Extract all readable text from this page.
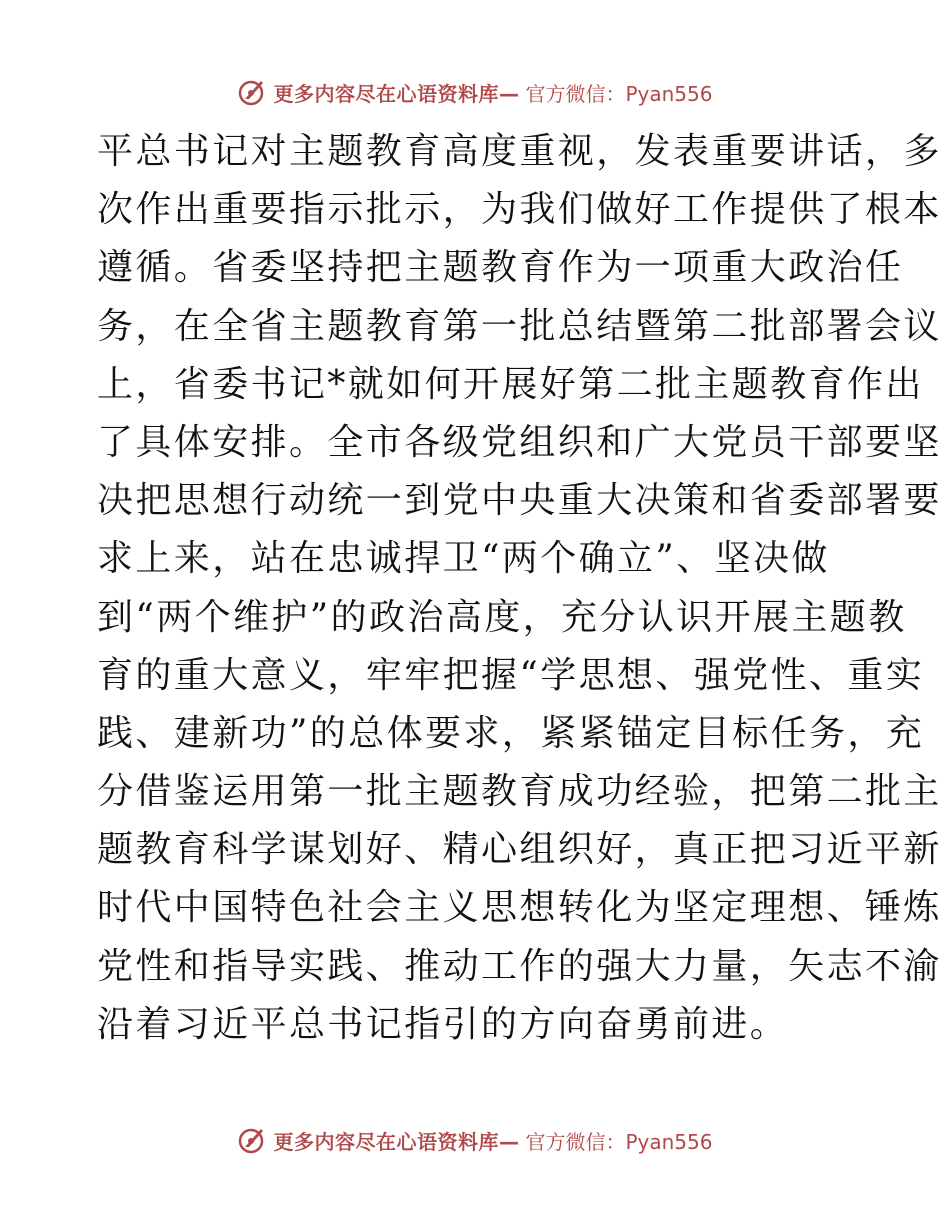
更多内容尽在心语资料库— 官方微信：Pyan556
平总书记对主题教育高度重视，发表重要讲话，多
次作出重要指示批示，为我们做好工作提供了根本
遵循。省委坚持把主题教育作为一项重大政治任
务，在全省主题教育第一批总结暨第二批部署会议
上，省委书记*就如何开展好第二批主题教育作出
了具体安排。全市各级党组织和广大党员干部要坚
决把思想行动统一到党中央重大决策和省委部署要
求上来，站在忠诚捍卫“两个确立”、坚决做
到“两个维护”的政治高度，充分认识开展主题教
育的重大意义，牢牢把握“学思想、强党性、重实
践、建新功”的总体要求，紧紧锚定目标任务，充
分借鉴运用第一批主题教育成功经验，把第二批主
题教育科学谋划好、精心组织好，真正把习近平新
时代中国特色社会主义思想转化为坚定理想、锤炼
党性和指导实践、推动工作的强大力量，矢志不渝
沿着习近平总书记指引的方向奋勇前进。
更多内容尽在心语资料库— 官方微信：Pyan556
